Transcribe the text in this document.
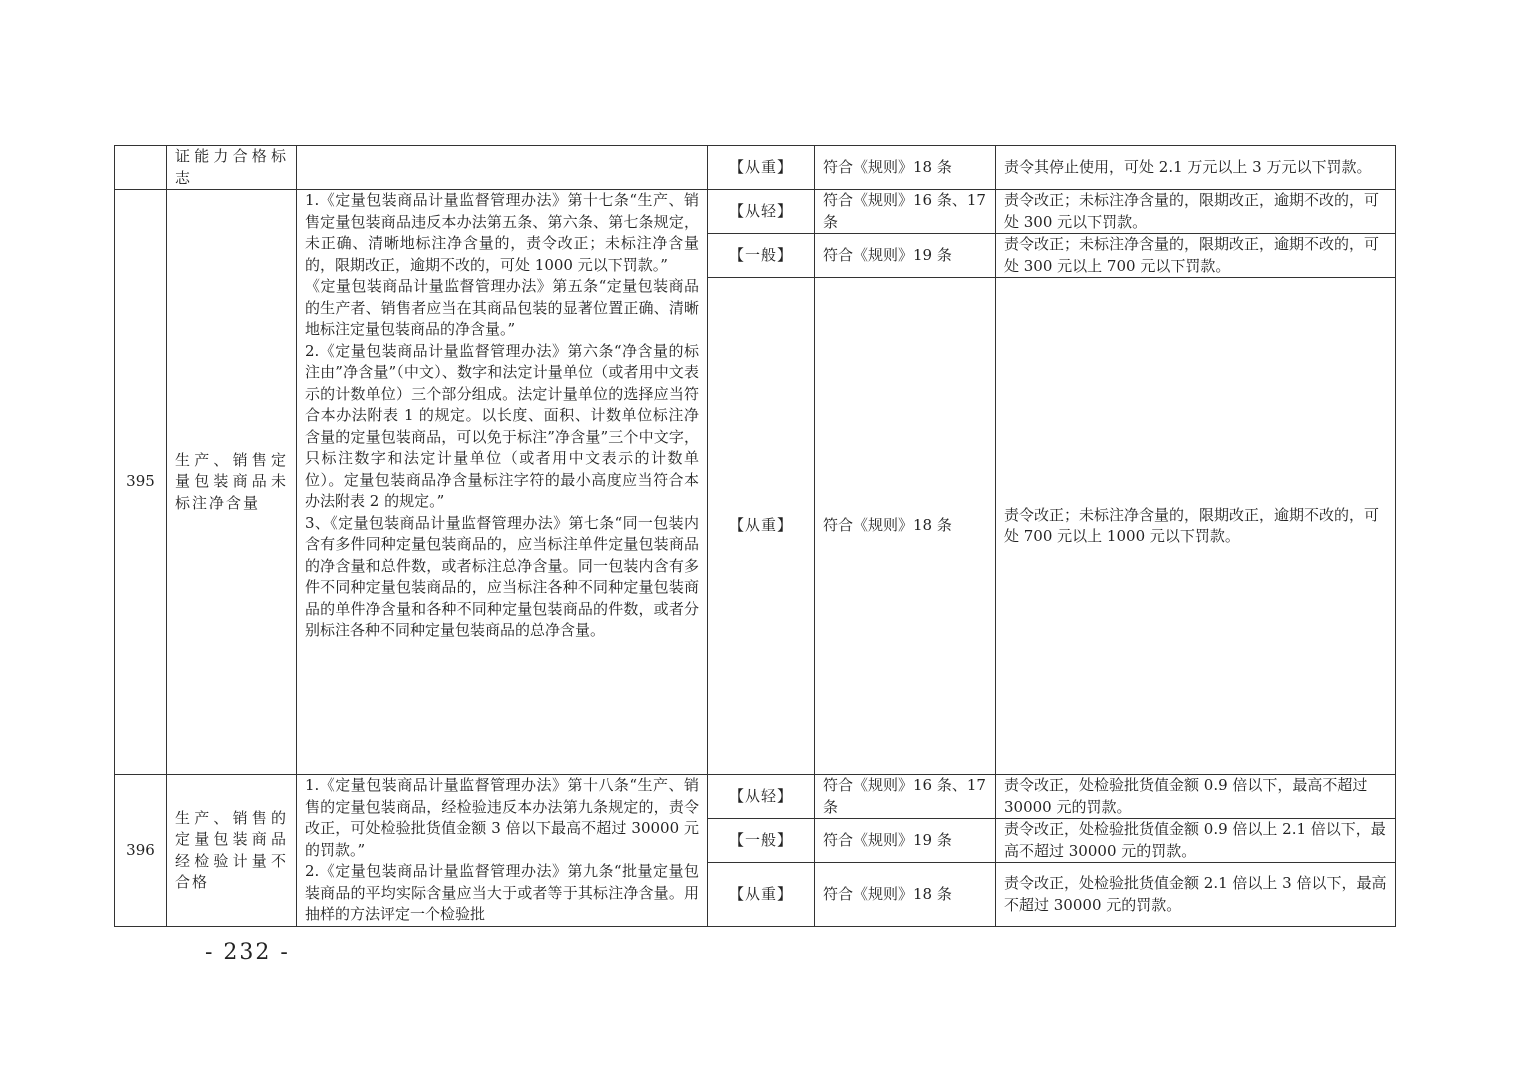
	证能力合格标志		【从重】	符合《规则》18 条	责令其停止使用，可处 2.1 万元以上 3 万元以下罚款。
395	生产、销售定量包装商品未标注净含量	1.《定量包装商品计量监督管理办法》第十七条“生产、销售定量包装商品违反本办法第五条、第六条、第七条规定，未正确、清晰地标注净含量的，责令改正；未标注净含量的，限期改正，逾期不改的，可处 1000 元以下罚款。”
《定量包装商品计量监督管理办法》第五条“定量包装商品的生产者、销售者应当在其商品包装的显著位置正确、清晰地标注定量包装商品的净含量。”
2.《定量包装商品计量监督管理办法》第六条“净含量的标注由”净含量”（中文）、数字和法定计量单位（或者用中文表示的计数单位）三个部分组成。法定计量单位的选择应当符合本办法附表 1 的规定。以长度、面积、计数单位标注净含量的定量包装商品，可以免于标注”净含量”三个中文字，只标注数字和法定计量单位（或者用中文表示的计数单位）。定量包装商品净含量标注字符的最小高度应当符合本办法附表 2 的规定。”
3、《定量包装商品计量监督管理办法》第七条“同一包装内含有多件同种定量包装商品的，应当标注单件定量包装商品的净含量和总件数，或者标注总净含量。同一包装内含有多件不同种定量包装商品的，应当标注各种不同种定量包装商品的单件净含量和各种不同种定量包装商品的件数，或者分别标注各种不同种定量包装商品的总净含量。	【从轻】	符合《规则》16 条、17 条	责令改正；未标注净含量的，限期改正，逾期不改的，可处 300 元以下罚款。
			【一般】	符合《规则》19 条	责令改正；未标注净含量的，限期改正，逾期不改的，可处 300 元以上 700 元以下罚款。
			【从重】	符合《规则》18 条	责令改正；未标注净含量的，限期改正，逾期不改的，可处 700 元以上 1000 元以下罚款。
396	生产、销售的定量包装商品经检验计量不合格	1.《定量包装商品计量监督管理办法》第十八条“生产、销售的定量包装商品，经检验违反本办法第九条规定的，责令改正，可处检验批货值金额 3 倍以下最高不超过 30000 元的罚款。”
2.《定量包装商品计量监督管理办法》第九条“批量定量包装商品的平均实际含量应当大于或者等于其标注净含量。用抽样的方法评定一个检验批	【从轻】	符合《规则》16 条、17 条	责令改正，处检验批货值金额 0.9 倍以下，最高不超过 30000 元的罚款。
			【一般】	符合《规则》19 条	责令改正，处检验批货值金额 0.9 倍以上 2.1 倍以下，最高不超过 30000 元的罚款。
			【从重】	符合《规则》18 条	责令改正，处检验批货值金额 2.1 倍以上 3 倍以下，最高不超过 30000 元的罚款。
- 232 -
